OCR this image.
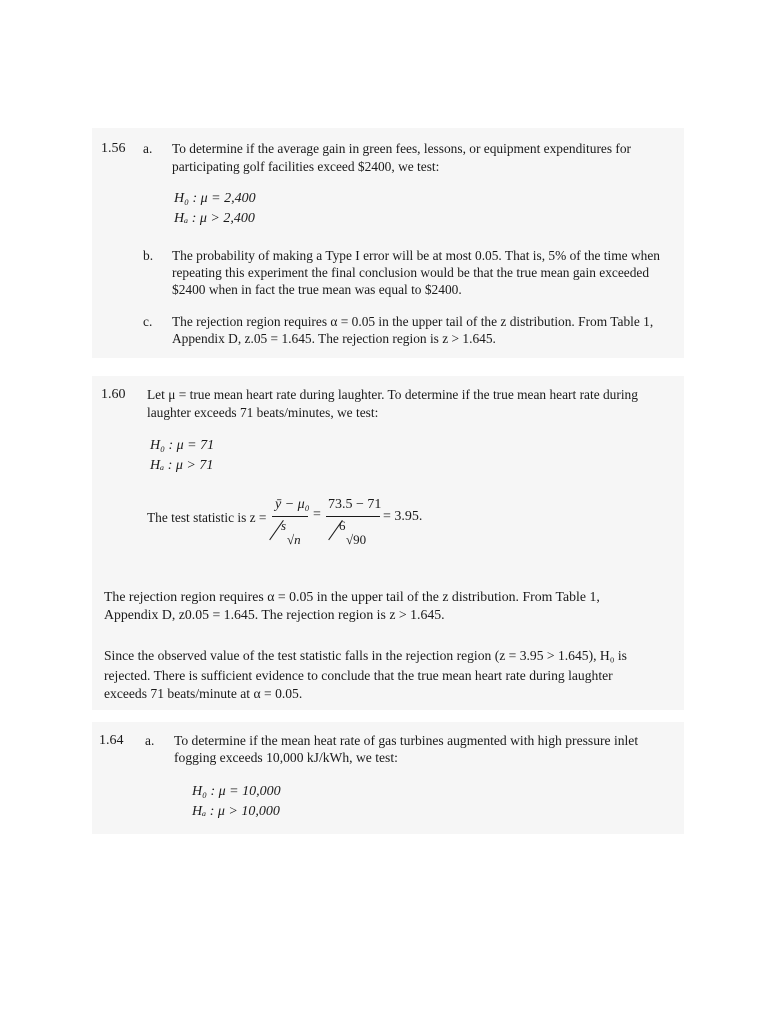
1.56 a. To determine if the average gain in green fees, lessons, or equipment expenditures for
participating golf facilities exceed $2400, we test:
H₀ : μ = 2,400
Hₐ : μ > 2,400
b. The probability of making a Type I error will be at most 0.05. That is, 5% of the time when
repeating this experiment the final conclusion would be that the true mean gain exceeded
$2400 when in fact the true mean was equal to $2400.
c. The rejection region requires α = 0.05 in the upper tail of the z distribution. From Table 1,
Appendix D, z.05 = 1.645. The rejection region is z > 1.645.
1.60 Let μ = true mean heart rate during laughter. To determine if the true mean heart rate during
laughter exceeds 71 beats/minutes, we test:
H₀ : μ = 71
Hₐ : μ > 71
The test statistic is z =
ȳ − μ₀
s
√n
=
73.5 − 71
6
√90
= 3.95.
The rejection region requires α = 0.05 in the upper tail of the z distribution. From Table 1,
Appendix D, z0.05 = 1.645. The rejection region is z > 1.645.
Since the observed value of the test statistic falls in the rejection region (z = 3.95 > 1.645), H₀ is
rejected. There is sufficient evidence to conclude that the true mean heart rate during laughter
exceeds 71 beats/minute at α = 0.05.
1.64 a. To determine if the mean heat rate of gas turbines augmented with high pressure inlet
fogging exceeds 10,000 kJ/kWh, we test:
H₀ : μ = 10,000
Hₐ : μ > 10,000
